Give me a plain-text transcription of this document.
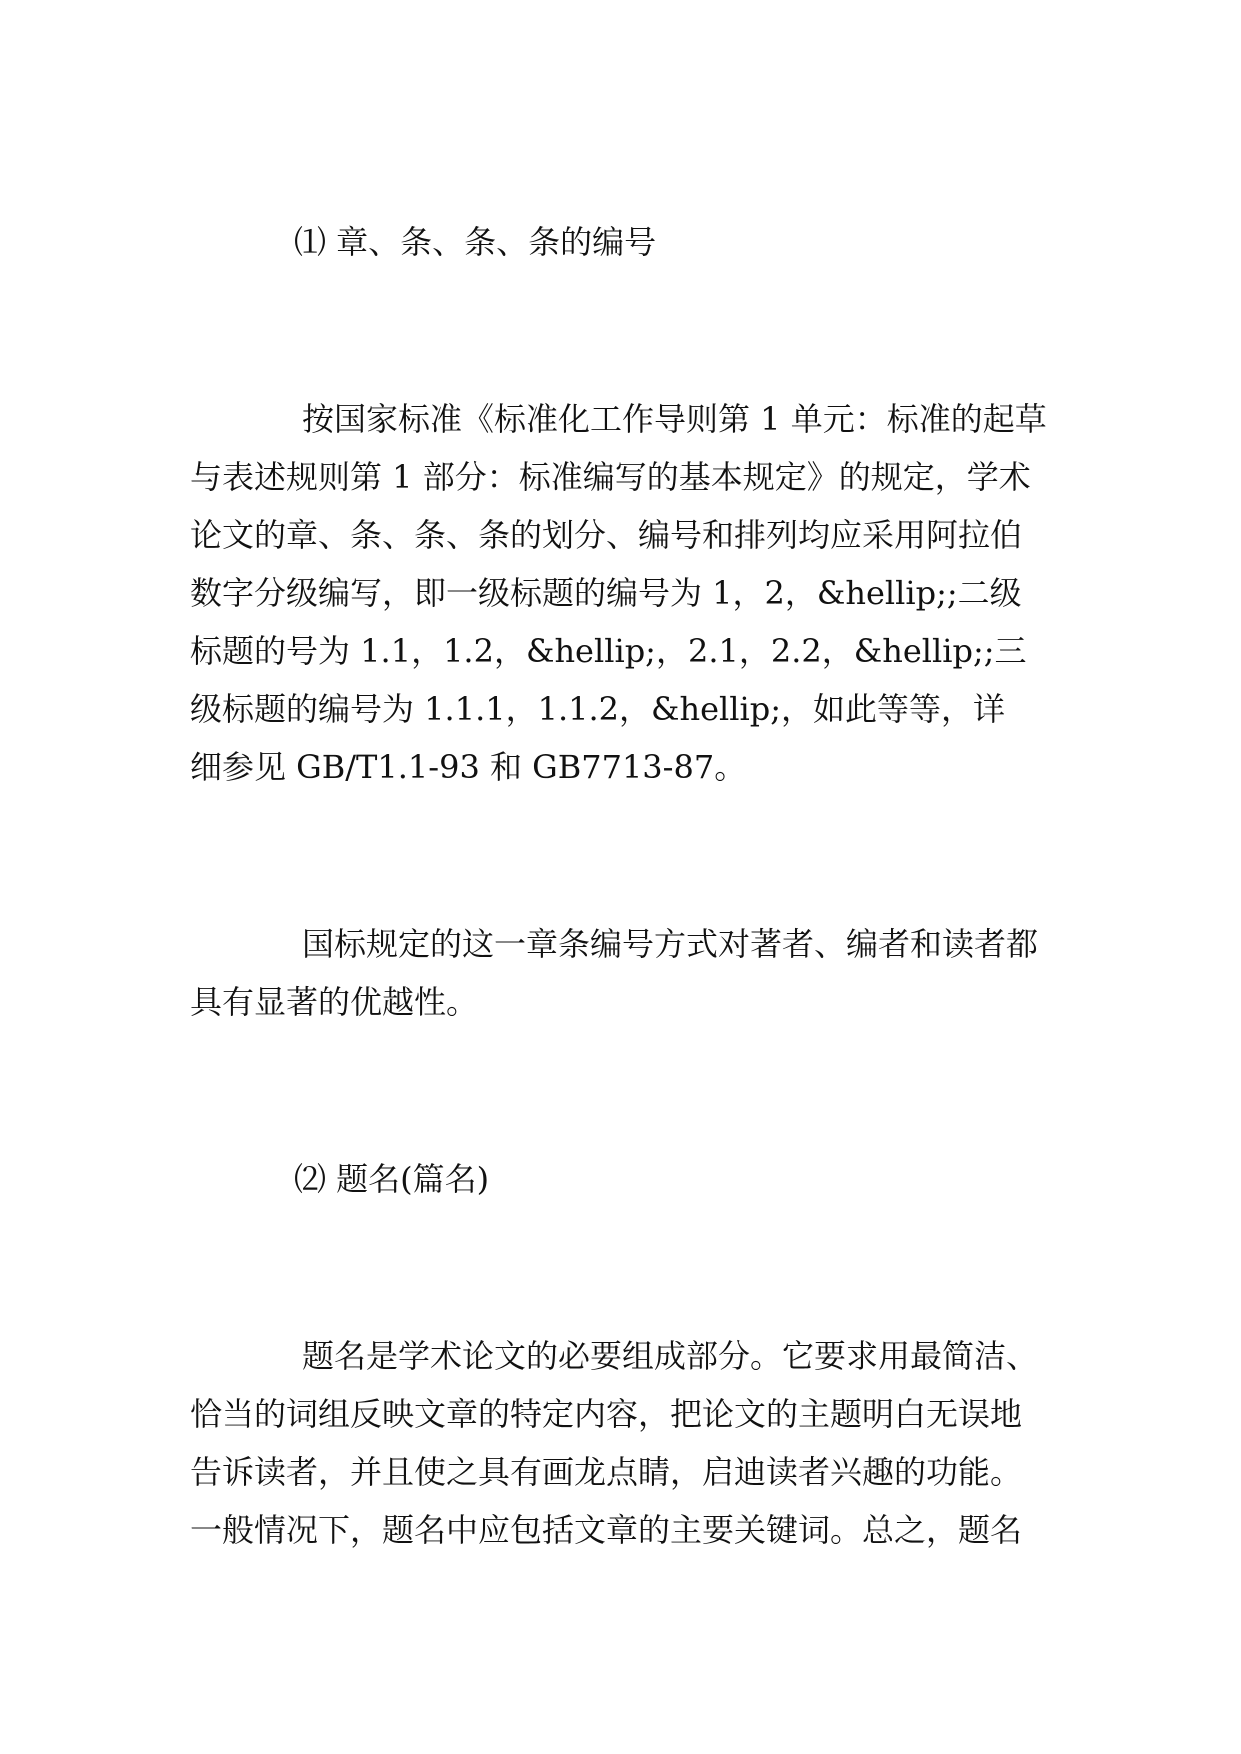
⑴ 章、条、条、条的编号
按国家标准《标准化工作导则第 1 单元：标准的起草
与表述规则第 1 部分：标准编写的基本规定》的规定，学术
论文的章、条、条、条的划分、编号和排列均应采用阿拉伯
数字分级编写，即一级标题的编号为 1，2，&hellip;;二级
标题的号为 1.1，1.2，&hellip;，2.1，2.2，&hellip;;三
级标题的编号为 1.1.1，1.1.2，&hellip;，如此等等，详
细参见 GB/T1.1-93 和 GB7713-87。
国标规定的这一章条编号方式对著者、编者和读者都
具有显著的优越性。
⑵ 题名(篇名)
题名是学术论文的必要组成部分。它要求用最简洁、
恰当的词组反映文章的特定内容，把论文的主题明白无误地
告诉读者，并且使之具有画龙点睛，启迪读者兴趣的功能。
一般情况下，题名中应包括文章的主要关键词。总之，题名
